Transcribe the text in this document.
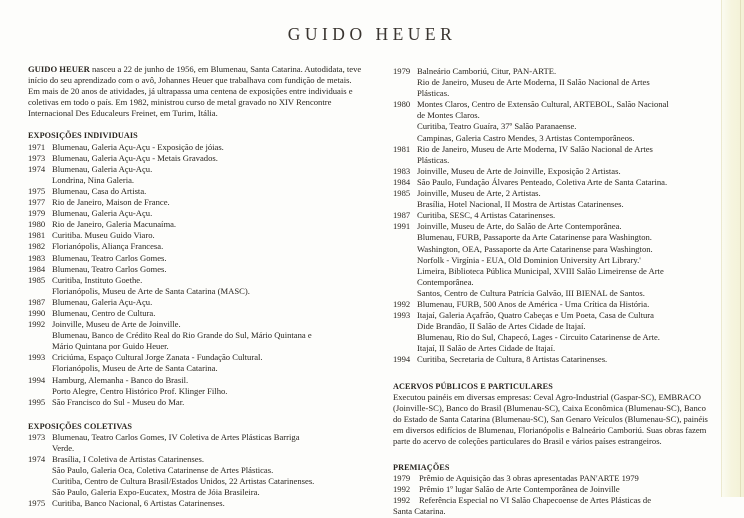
GUIDO HEUER

GUIDO HEUER nasceu a 22 de junho de 1956, em Blumenau, Santa Catarina. Autodidata, teve início do seu aprendizado com o avô, Johannes Heuer que trabalhava com fundição de metais.

Em mais de 20 anos de atividades, já ultrapassa uma centena de exposições entre individuais e coletivas em todo o país. Em 1982, ministrou curso de metal gravado no XIV Rencontre Internacional Des Educaleurs Freinet, em Turim, Itália.

EXPOSIÇÕES INDIVIDUAIS
1971 Blumenau, Galeria Açu-Açu - Exposição de jóias.
1973 Blumenau, Galeria Açu-Açu - Metais Gravados.
1974 Blumenau, Galeria Açu-Açu.
Londrina, Nina Galeria.
1975 Blumenau, Casa do Artista.
1977 Rio de Janeiro, Maison de France.
1979 Blumenau, Galeria Açu-Açu.
1980 Rio de Janeiro, Galeria Macunaíma.
1981 Curitiba. Museu Guido Viaro.
1982 Florianópolis, Aliança Francesa.
1983 Blumenau, Teatro Carlos Gomes.
1984 Blumenau, Teatro Carlos Gomes.
1985 Curitiba, Instituto Goethe.
Florianópolis, Museu de Arte de Santa Catarina (MASC).
1987 Blumenau, Galeria Açu-Açu.
1990 Blumenau, Centro de Cultura.
1992 Joinville, Museu de Arte de Joinville.
Blumenau, Banco de Crédito Real do Rio Grande do Sul, Mário Quintana e
Mário Quintana por Guido Heuer.
1993 Criciúma, Espaço Cultural Jorge Zanata - Fundação Cultural.
Florianópolis, Museu de Arte de Santa Catarina.
1994 Hamburg, Alemanha - Banco do Brasil.
Porto Alegre, Centro Histórico Prof. Klinger Filho.
1995 São Francisco do Sul - Museu do Mar.
EXPOSIÇÕES COLETIVAS
1973 Blumenau, Teatro Carlos Gomes, IV Coletiva de Artes Plásticas Barriga
Verde.
1974 Brasília, I Coletiva de Artistas Catarinenses.
São Paulo, Galeria Oca, Coletiva Catarinense de Artes Plásticas.
Curitiba, Centro de Cultura Brasil/Estados Unidos, 22 Artistas Catarinenses.
São Paulo, Galeria Expo-Eucatex, Mostra de Jóia Brasileira.
1975 Curitiba, Banco Nacional, 6 Artistas Catarinenses.
1979 Balneário Camboriú, Citur, PAN-ARTE.
Rio de Janeiro, Museu de Arte Moderna, II Salão Nacional de Artes
Plásticas.
1980 Montes Claros, Centro de Extensão Cultural, ARTEBOL, Salão Nacional
de Montes Claros.
Curitiba, Teatro Guaíra, 37º Salão Paranaense.
Campinas, Galeria Castro Mendes, 3 Artistas Contemporâneos.
1981 Rio de Janeiro, Museu de Arte Moderna, IV Salão Nacional de Artes
Plásticas.
1983 Joinville, Museu de Arte de Joinville, Exposição 2 Artistas.
1984 São Paulo, Fundação Álvares Penteado, Coletiva Arte de Santa Catarina.
1985 Joinville, Museu de Arte, 2 Artistas.
Brasília, Hotel Nacional, II Mostra de Artistas Catarinenses.
1987 Curitiba, SESC, 4 Artistas Catarinenses.
1991 Joinville, Museu de Arte, do Salão de Arte Contemporânea.
Blumenau, FURB, Passaporte da Arte Catarinense para Washington.
Washington, OEA, Passaporte da Arte Catarinense para Washington.
Norfolk - Virgínia - EUA, Old Dominion University Art Library.'
Limeira, Biblioteca Pública Municipal, XVIII Salão Limeirense de Arte
Contemporânea.
Santos, Centro de Cultura Patrícia Galvão, III BIENAL de Santos.
1992 Blumenau, FURB, 500 Anos de América - Uma Crítica da História.
1993 Itajaí, Galeria Açafrão, Quatro Cabeças e Um Poeta, Casa de Cultura
Dide Brandão, II Salão de Artes Cidade de Itajaí.
Blumenau, Rio do Sul, Chapecó, Lages - Circuito Catarinense de Arte.
Itajaí, II Salão de Artes Cidade de Itajaí.
1994 Curitiba, Secretaria de Cultura, 8 Artistas Catarinenses.
ACERVOS PÚBLICOS E PARTICULARES
Executou painéis em diversas empresas: Ceval Agro-Industrial (Gaspar-SC), EMBRACO (Joinville-SC), Banco do Brasil (Blumenau-SC), Caixa Econômica (Blumenau-SC), Banco do Estado de Santa Catarina (Blumenau-SC), San Genaro Veículos (Blumenau-SC), painéis em diversos edifícios de Blumenau, Florianópolis e Balneário Camboriú. Suas obras fazem parte do acervo de coleções particulares do Brasil e vários países estrangeiros.
PREMIAÇÕES
1979	Prêmio de Aquisição das 3 obras apresentadas PAN'ARTE 1979
1992	Prêmio 1º lugar Salão de Arte Contemporânea de Joinville
1992	Referência Especial no VI Salão Chapecoense de Artes Plásticas de
Santa Catarina.
